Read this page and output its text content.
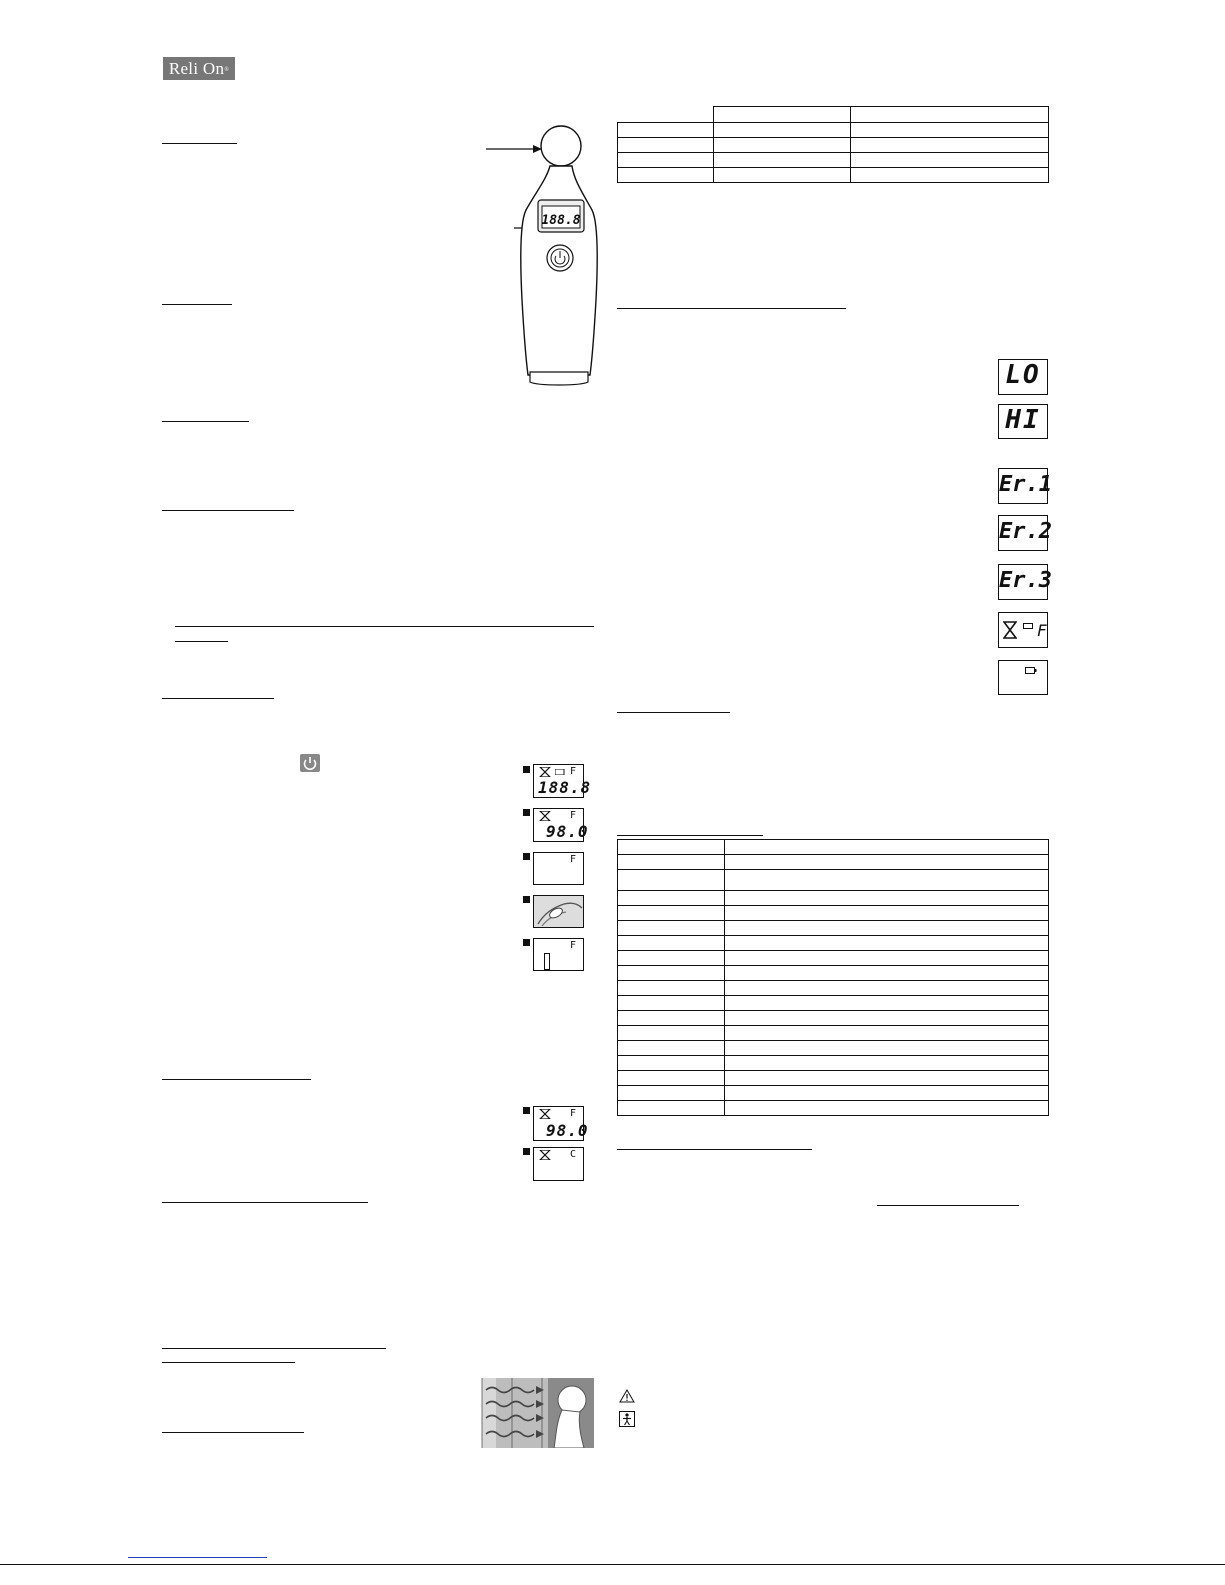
Reli On®
188.8
F
188.8
F
98.0
F
F
F
98.0
C

LO
HI
Er.1
Er.2
Er.3
F
